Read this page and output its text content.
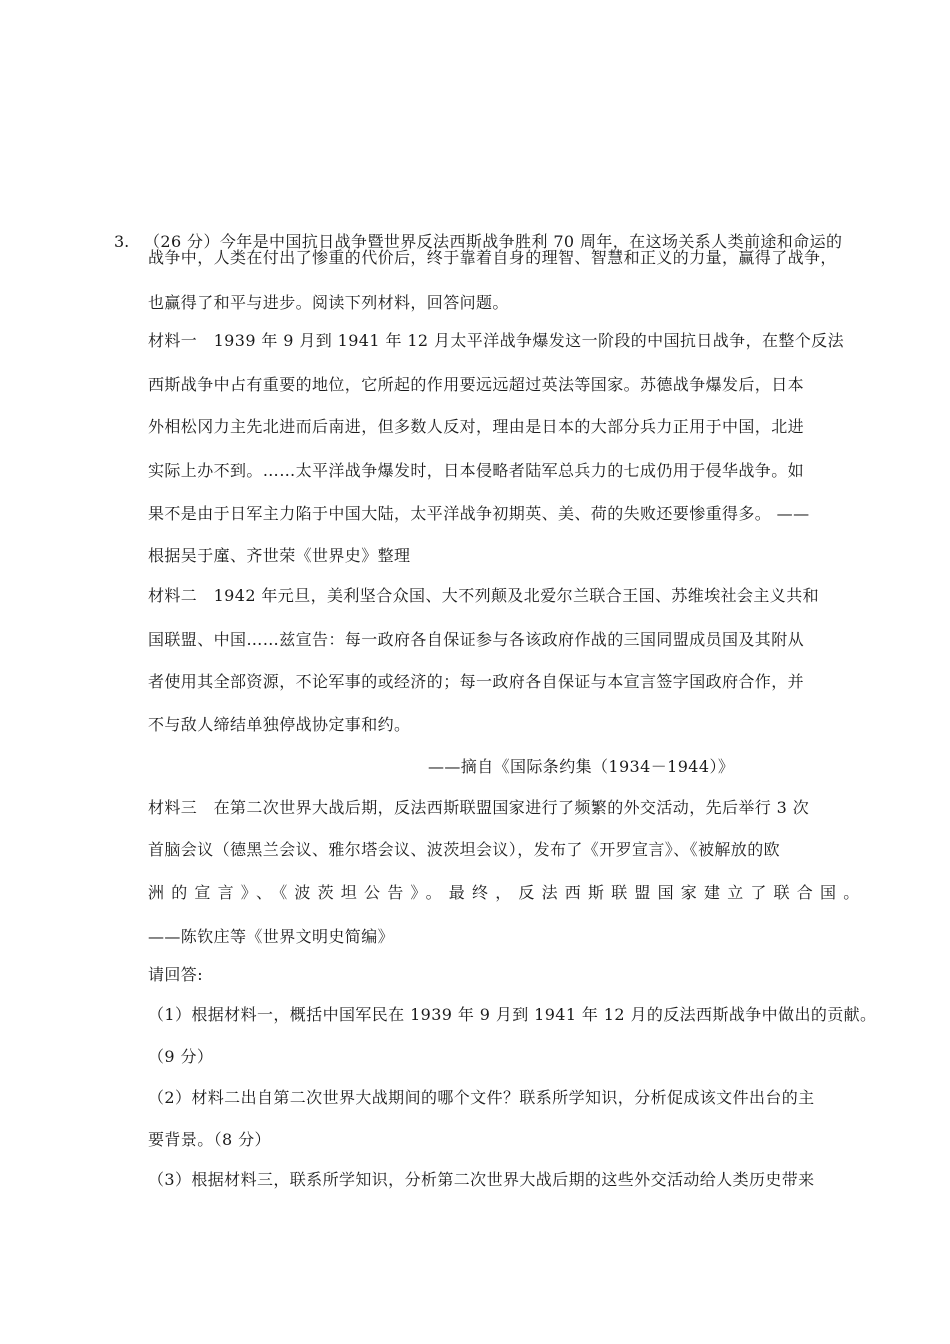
3. （26 分）今年是中国抗日战争暨世界反法西斯战争胜利 70 周年，在这场关系人类前途和命运的
战争中，人类在付出了惨重的代价后，终于靠着自身的理智、智慧和正义的力量，赢得了战争，
也赢得了和平与进步。阅读下列材料，回答问题。
材料一　1939 年 9 月到 1941 年 12 月太平洋战争爆发这一阶段的中国抗日战争，在整个反法
西斯战争中占有重要的地位，它所起的作用要远远超过英法等国家。苏德战争爆发后，日本
外相松冈力主先北进而后南进，但多数人反对，理由是日本的大部分兵力正用于中国，北进
实际上办不到。……太平洋战争爆发时，日本侵略者陆军总兵力的七成仍用于侵华战争。如
果不是由于日军主力陷于中国大陆，太平洋战争初期英、美、荷的失败还要惨重得多。 ——
根据吴于廑、齐世荣《世界史》整理
材料二　1942 年元旦，美利坚合众国、大不列颠及北爱尔兰联合王国、苏维埃社会主义共和
国联盟、中国……兹宣告：每一政府各自保证参与各该政府作战的三国同盟成员国及其附从
者使用其全部资源，不论军事的或经济的；每一政府各自保证与本宣言签字国政府合作，并
不与敌人缔结单独停战协定事和约。
——摘自《国际条约集（1934－1944）》
材料三　在第二次世界大战后期，反法西斯联盟国家进行了频繁的外交活动，先后举行 3 次
首脑会议（德黑兰会议、雅尔塔会议、波茨坦会议），发布了《开罗宣言》、《被解放的欧
洲的宣言》、《波茨坦公告》。最终，反法西斯联盟国家建立了联合国。
——陈钦庄等《世界文明史简编》
请回答:
（1）根据材料一，概括中国军民在 1939 年 9 月到 1941 年 12 月的反法西斯战争中做出的贡献。
（9 分）
（2）材料二出自第二次世界大战期间的哪个文件？联系所学知识，分析促成该文件出台的主
要背景。（8 分）
（3）根据材料三，联系所学知识，分析第二次世界大战后期的这些外交活动给人类历史带来
